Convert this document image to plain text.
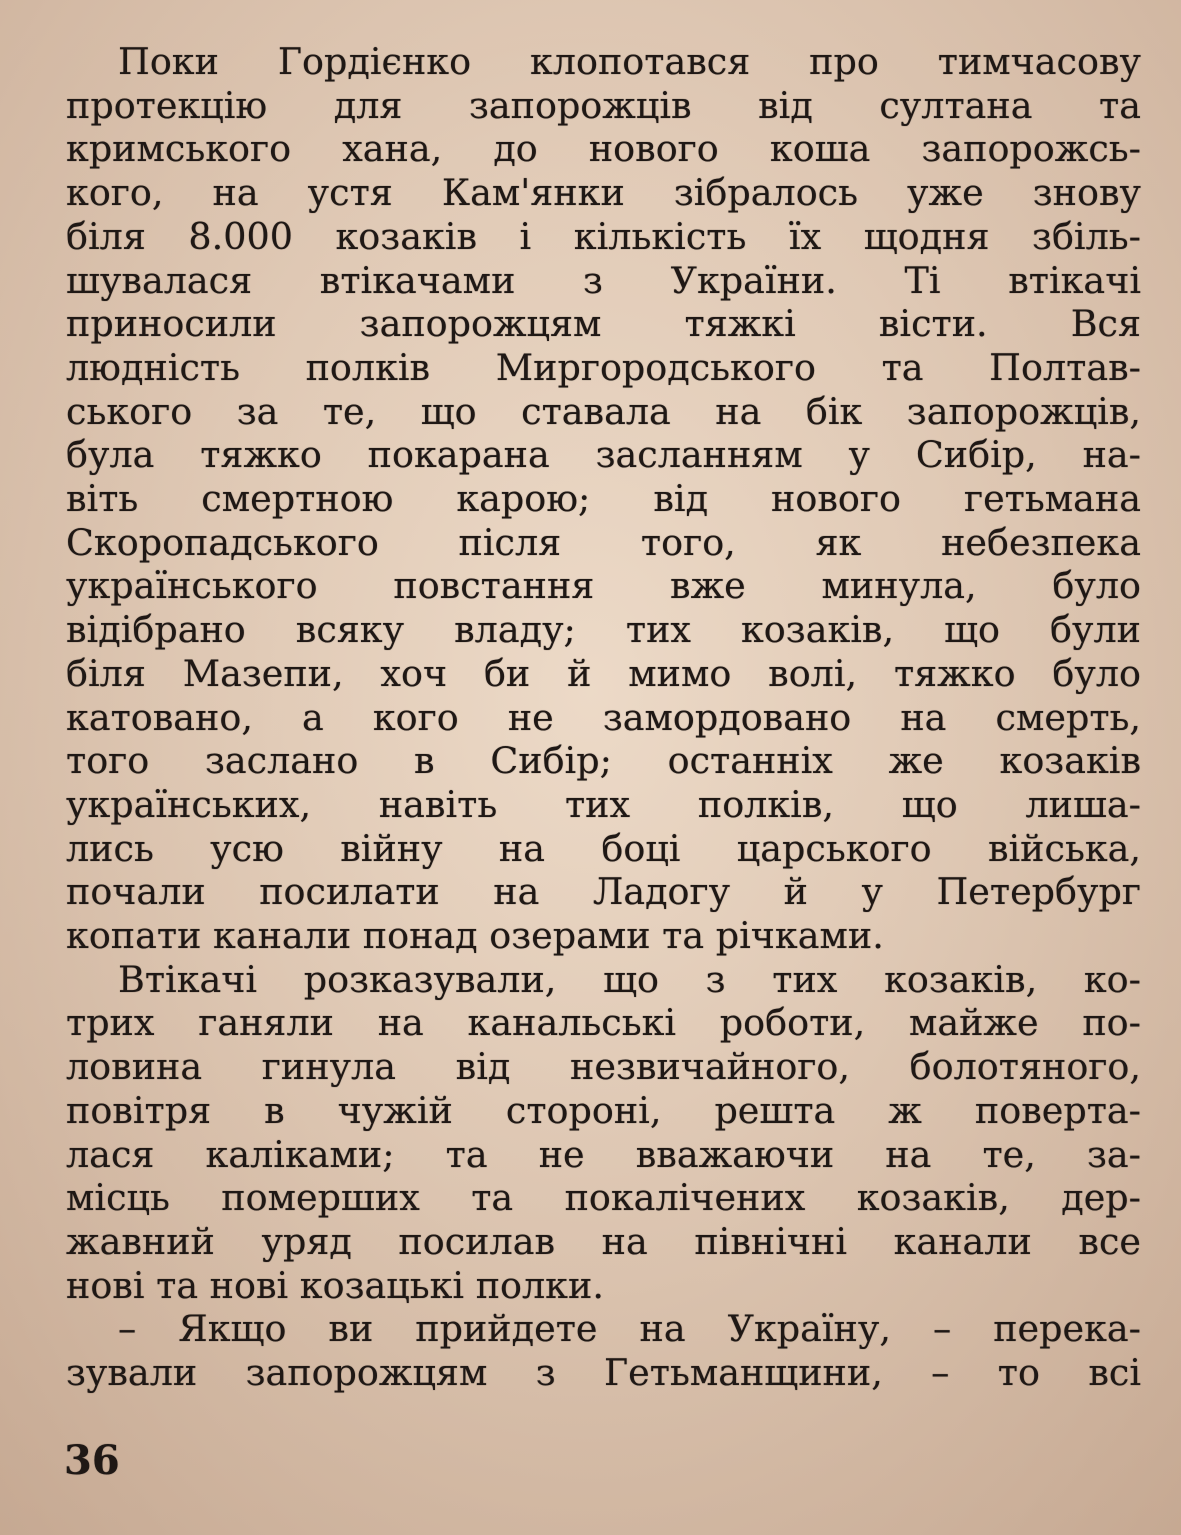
Поки Гордієнко клопотався про тимчасову
протекцію для запорожців від султана та
кримського хана, до нового коша запорожсь-
кого, на устя Кам'янки зібралось уже знову
біля 8.000 козаків і кількість їх щодня збіль-
шувалася втікачами з України. Ті втікачі
приносили запорожцям тяжкі вісти. Вся
людність полків Миргородського та Полтав-
ського за те, що ставала на бік запорожців,
була тяжко покарана засланням у Сибір, на-
віть смертною карою; від нового гетьмана
Скоропадського після того, як небезпека
українського повстання вже минула, було
відібрано всяку владу; тих козаків, що були
біля Мазепи, хоч би й мимо волі, тяжко було
катовано, а кого не замордовано на смерть,
того заслано в Сибір; останніх же козаків
українських, навіть тих полків, що лиша-
лись усю війну на боці царського війська,
почали посилати на Ладогу й у Петербург
копати канали понад озерами та річками.
Втікачі розказували, що з тих козаків, ко-
трих ганяли на канальські роботи, майже по-
ловина гинула від незвичайного, болотяного,
повітря в чужій стороні, решта ж поверта-
лася каліками; та не вважаючи на те, за-
місць померших та покалічених козаків, дер-
жавний уряд посилав на північні канали все
нові та нові козацькі полки.
– Якщо ви прийдете на Україну, – перека-
зували запорожцям з Гетьманщини, – то всі
36
